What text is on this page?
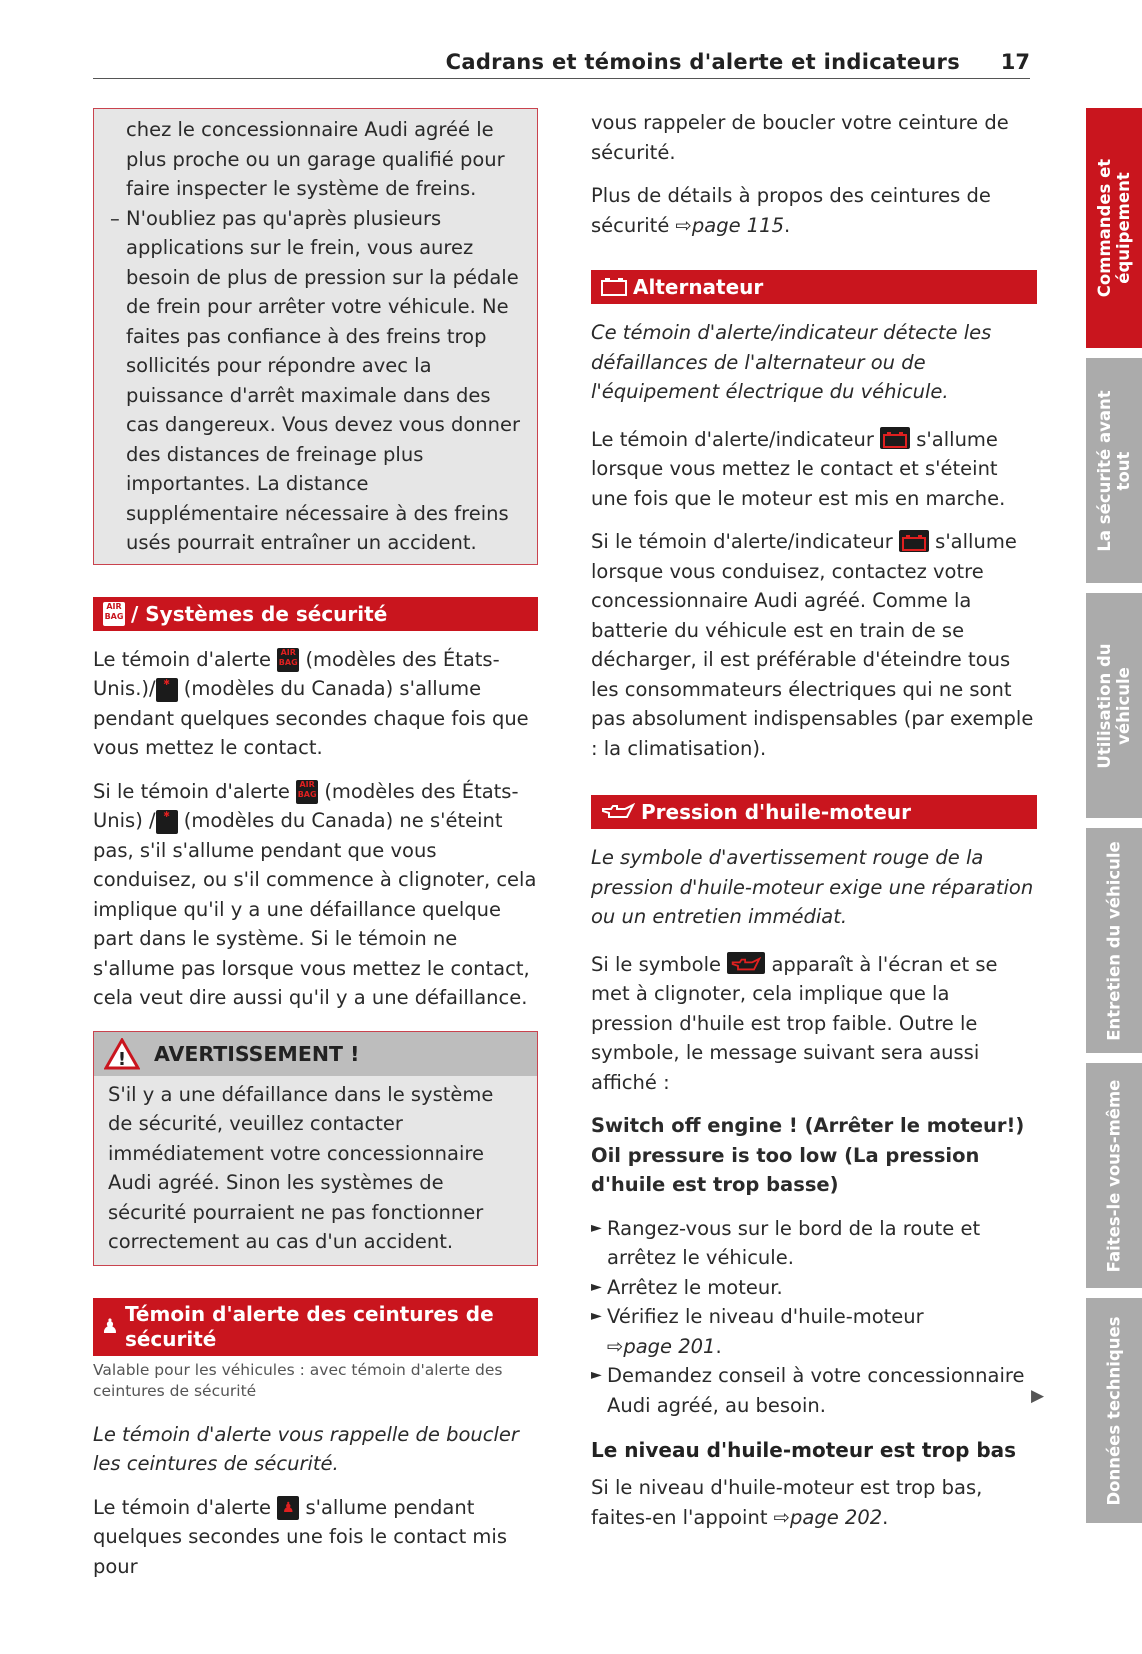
Cadrans et témoins d'alerte et indicateurs 17

chez le concessionnaire Audi agréé le plus proche ou un garage qualifié pour faire inspecter le système de freins.

– N'oubliez pas qu'après plusieurs applications sur le frein, vous aurez besoin de plus de pression sur la pédale de frein pour arrêter votre véhicule. Ne faites pas confiance à des freins trop sollicités pour répondre avec la puissance d'arrêt maximale dans des cas dangereux. Vous devez vous donner des distances de freinage plus importantes. La distance supplémentaire nécessaire à des freins usés pourrait entraîner un accident.

AIR BAG / Systèmes de sécurité

Le témoin d'alerte AIR BAG (modèles des États-Unis.)/ ✱ (modèles du Canada) s'allume pendant quelques secondes chaque fois que vous mettez le contact.

Si le témoin d'alerte AIR BAG (modèles des États-Unis) / ✱ (modèles du Canada) ne s'éteint pas, s'il s'allume pendant que vous conduisez, ou s'il commence à clignoter, cela implique qu'il y a une défaillance quelque part dans le système. Si le témoin ne s'allume pas lorsque vous mettez le contact, cela veut dire aussi qu'il y a une défaillance.

! AVERTISSEMENT !

S'il y a une défaillance dans le système de sécurité, veuillez contacter immédiatement votre concessionnaire Audi agréé. Sinon les systèmes de sécurité pourraient ne pas fonctionner correctement au cas d'un accident.

♟
Témoin d'alerte des ceintures de sécurité

Valable pour les véhicules : avec témoin d'alerte des ceintures de sécurité

Le témoin d'alerte vous rappelle de boucler les ceintures de sécurité.

Le témoin d'alerte ♟ s'allume pendant quelques secondes une fois le contact mis pour

vous rappeler de boucler votre ceinture de sécurité.

Plus de détails à propos des ceintures de sécurité ⇨page 115.

Alternateur

Ce témoin d'alerte/indicateur détecte les défaillances de l'alternateur ou de l'équipement électrique du véhicule.

Le témoin d'alerte/indicateur s'allume lorsque vous mettez le contact et s'éteint une fois que le moteur est mis en marche.

Si le témoin d'alerte/indicateur s'allume lorsque vous conduisez, contactez votre concessionnaire Audi agréé. Comme la batterie du véhicule est en train de se décharger, il est préférable d'éteindre tous les consommateurs électriques qui ne sont pas absolument indispensables (par exemple : la climatisation).

Pression d'huile-moteur

Le symbole d'avertissement rouge de la pression d'huile-moteur exige une réparation ou un entretien immédiat.

Si le symbole	apparaît à l'écran et se met à clignoter, cela implique que la pression d'huile est trop faible. Outre le symbole, le message suivant sera aussi affiché :

Switch off engine ! (Arrêter le moteur!) Oil pressure is too low (La pression d'huile est trop basse)

► Rangez-vous sur le bord de la route et arrêtez le véhicule.

► Arrêtez le moteur.

► Vérifiez le niveau d'huile-moteur
⇨page 201.

► Demandez conseil à votre concessionnaire Audi agréé, au besoin.

Le niveau d'huile-moteur est trop bas

Si le niveau d'huile-moteur est trop bas, faites-en l'appoint ⇨page 202.

▶
Commandes et équipement
La sécurité avant tout
Utilisation du véhicule
Entretien du véhicule
Faites-le vous-même
Données techniques
